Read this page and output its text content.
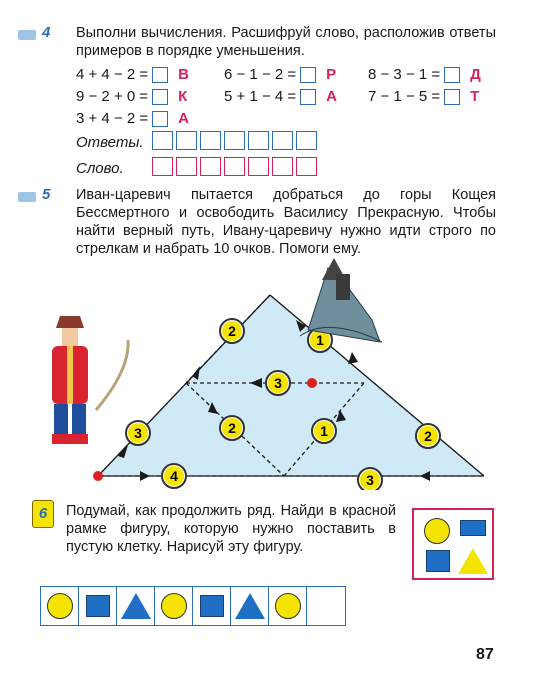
4 Выполни вычисления. Расшифруй слово, расположив ответы примеров в порядке уменьшения.
4 + 4 − 2 = В 6 − 1 − 2 = Р 8 − 3 − 1 = Д
9 − 2 + 0 = К 5 + 1 − 4 = А 7 − 1 − 5 = Т
3 + 4 − 2 = А
Ответы.
Слово.
5 Иван-царевич пытается добраться до горы Кощея Бессмертного и освободить Василису Прекрасную. Чтобы найти верный путь, Ивану-царевичу нужно идти строго по стрелкам и набрать 10 очков. Помоги ему.
2
1
3
3	2	1	2
4	3
6	Подумай, как продолжить ряд. Найди в красной рамке фигуру, которую нужно поставить в пустую клетку. Нарисуй эту фигуру.
87
